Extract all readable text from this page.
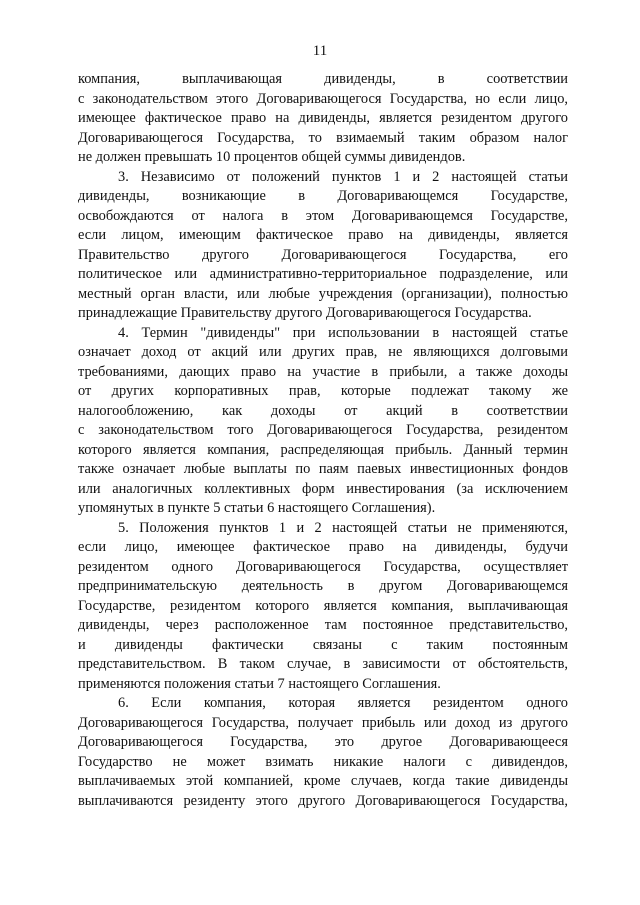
11

компания, выплачивающая дивиденды, в соответствии
с законодательством этого Договаривающегося Государства, но если лицо,
имеющее фактическое право на дивиденды, является резидентом другого
Договаривающегося Государства, то взимаемый таким образом налог
не должен превышать 10 процентов общей суммы дивидендов.

3. Независимо от положений пунктов 1 и 2 настоящей статьи
дивиденды, возникающие в Договаривающемся Государстве,
освобождаются от налога в этом Договаривающемся Государстве,
если лицом, имеющим фактическое право на дивиденды, является
Правительство другого Договаривающегося Государства, его
политическое или административно-территориальное подразделение, или
местный орган власти, или любые учреждения (организации), полностью
принадлежащие Правительству другого Договаривающегося Государства.

4. Термин "дивиденды" при использовании в настоящей статье
означает доход от акций или других прав, не являющихся долговыми
требованиями, дающих право на участие в прибыли, а также доходы
от других корпоративных прав, которые подлежат такому же
налогообложению, как доходы от акций в соответствии
с законодательством того Договаривающегося Государства, резидентом
которого является компания, распределяющая прибыль. Данный термин
также означает любые выплаты по паям паевых инвестиционных фондов
или аналогичных коллективных форм инвестирования (за исключением
упомянутых в пункте 5 статьи 6 настоящего Соглашения).

5. Положения пунктов 1 и 2 настоящей статьи не применяются,
если лицо, имеющее фактическое право на дивиденды, будучи
резидентом одного Договаривающегося Государства, осуществляет
предпринимательскую деятельность в другом Договаривающемся
Государстве, резидентом которого является компания, выплачивающая
дивиденды, через расположенное там постоянное представительство,
и дивиденды фактически связаны с таким постоянным
представительством. В таком случае, в зависимости от обстоятельств,
применяются положения статьи 7 настоящего Соглашения.

6. Если компания, которая является резидентом одного
Договаривающегося Государства, получает прибыль или доход из другого
Договаривающегося Государства, это другое Договаривающееся
Государство не может взимать никакие налоги с дивидендов,
выплачиваемых этой компанией, кроме случаев, когда такие дивиденды
выплачиваются резиденту этого другого Договаривающегося Государства,
